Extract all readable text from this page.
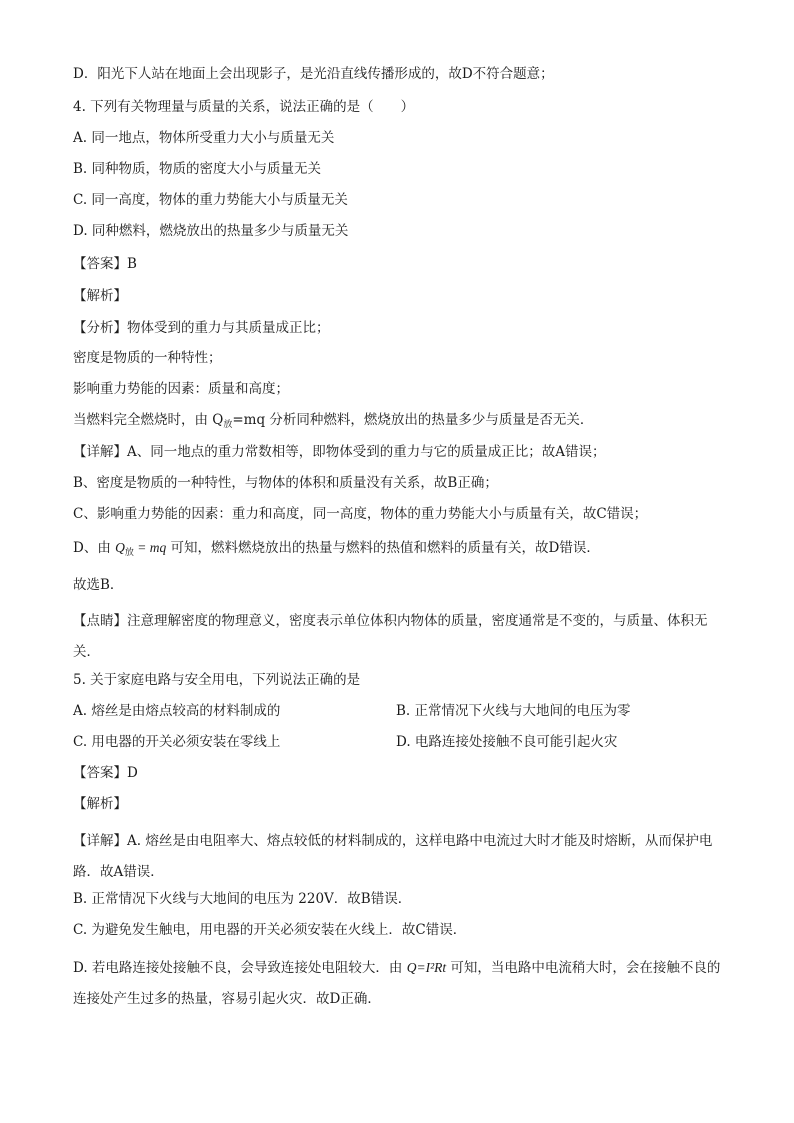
D．阳光下人站在地面上会出现影子，是光沿直线传播形成的，故D不符合题意；
4. 下列有关物理量与质量的关系，说法正确的是（　　）
A. 同一地点，物体所受重力大小与质量无关
B. 同种物质，物质的密度大小与质量无关
C. 同一高度，物体的重力势能大小与质量无关
D. 同种燃料，燃烧放出的热量多少与质量无关
【答案】B
【解析】
【分析】物体受到的重力与其质量成正比；
密度是物质的一种特性；
影响重力势能的因素：质量和高度；
当燃料完全燃烧时，由 $Q_放=mq$ 分析同种燃料，燃烧放出的热量多少与质量是否无关．
【详解】A、同一地点的重力常数相等，即物体受到的重力与它的质量成正比；故A错误；
B、密度是物质的一种特性，与物体的体积和质量没有关系，故B正确；
C、影响重力势能的因素：重力和高度，同一高度，物体的重力势能大小与质量有关，故C错误；
D、由 $Q_放$ = mq 可知，燃料燃烧放出的热量与燃料的热值和燃料的质量有关，故D错误．
故选B．
【点睛】注意理解密度的物理意义，密度表示单位体积内物体的质量，密度通常是不变的，与质量、体积无关．
5. 关于家庭电路与安全用电，下列说法正确的是
A. 熔丝是由熔点较高的材料制成的	B. 正常情况下火线与大地间的电压为零
C. 用电器的开关必须安装在零线上	D. 电路连接处接触不良可能引起火灾
【答案】D
【解析】
【详解】A. 熔丝是由电阻率大、熔点较低的材料制成的，这样电路中电流过大时才能及时熔断，从而保护电路．故A错误．
B. 正常情况下火线与大地间的电压为 220V．故B错误．
C. 为避免发生触电，用电器的开关必须安装在火线上．故C错误．
D. 若电路连接处接触不良，会导致连接处电阻较大．由 Q=I²Rt 可知，当电路中电流稍大时，会在接触不良的连接处产生过多的热量，容易引起火灾．故D正确．
